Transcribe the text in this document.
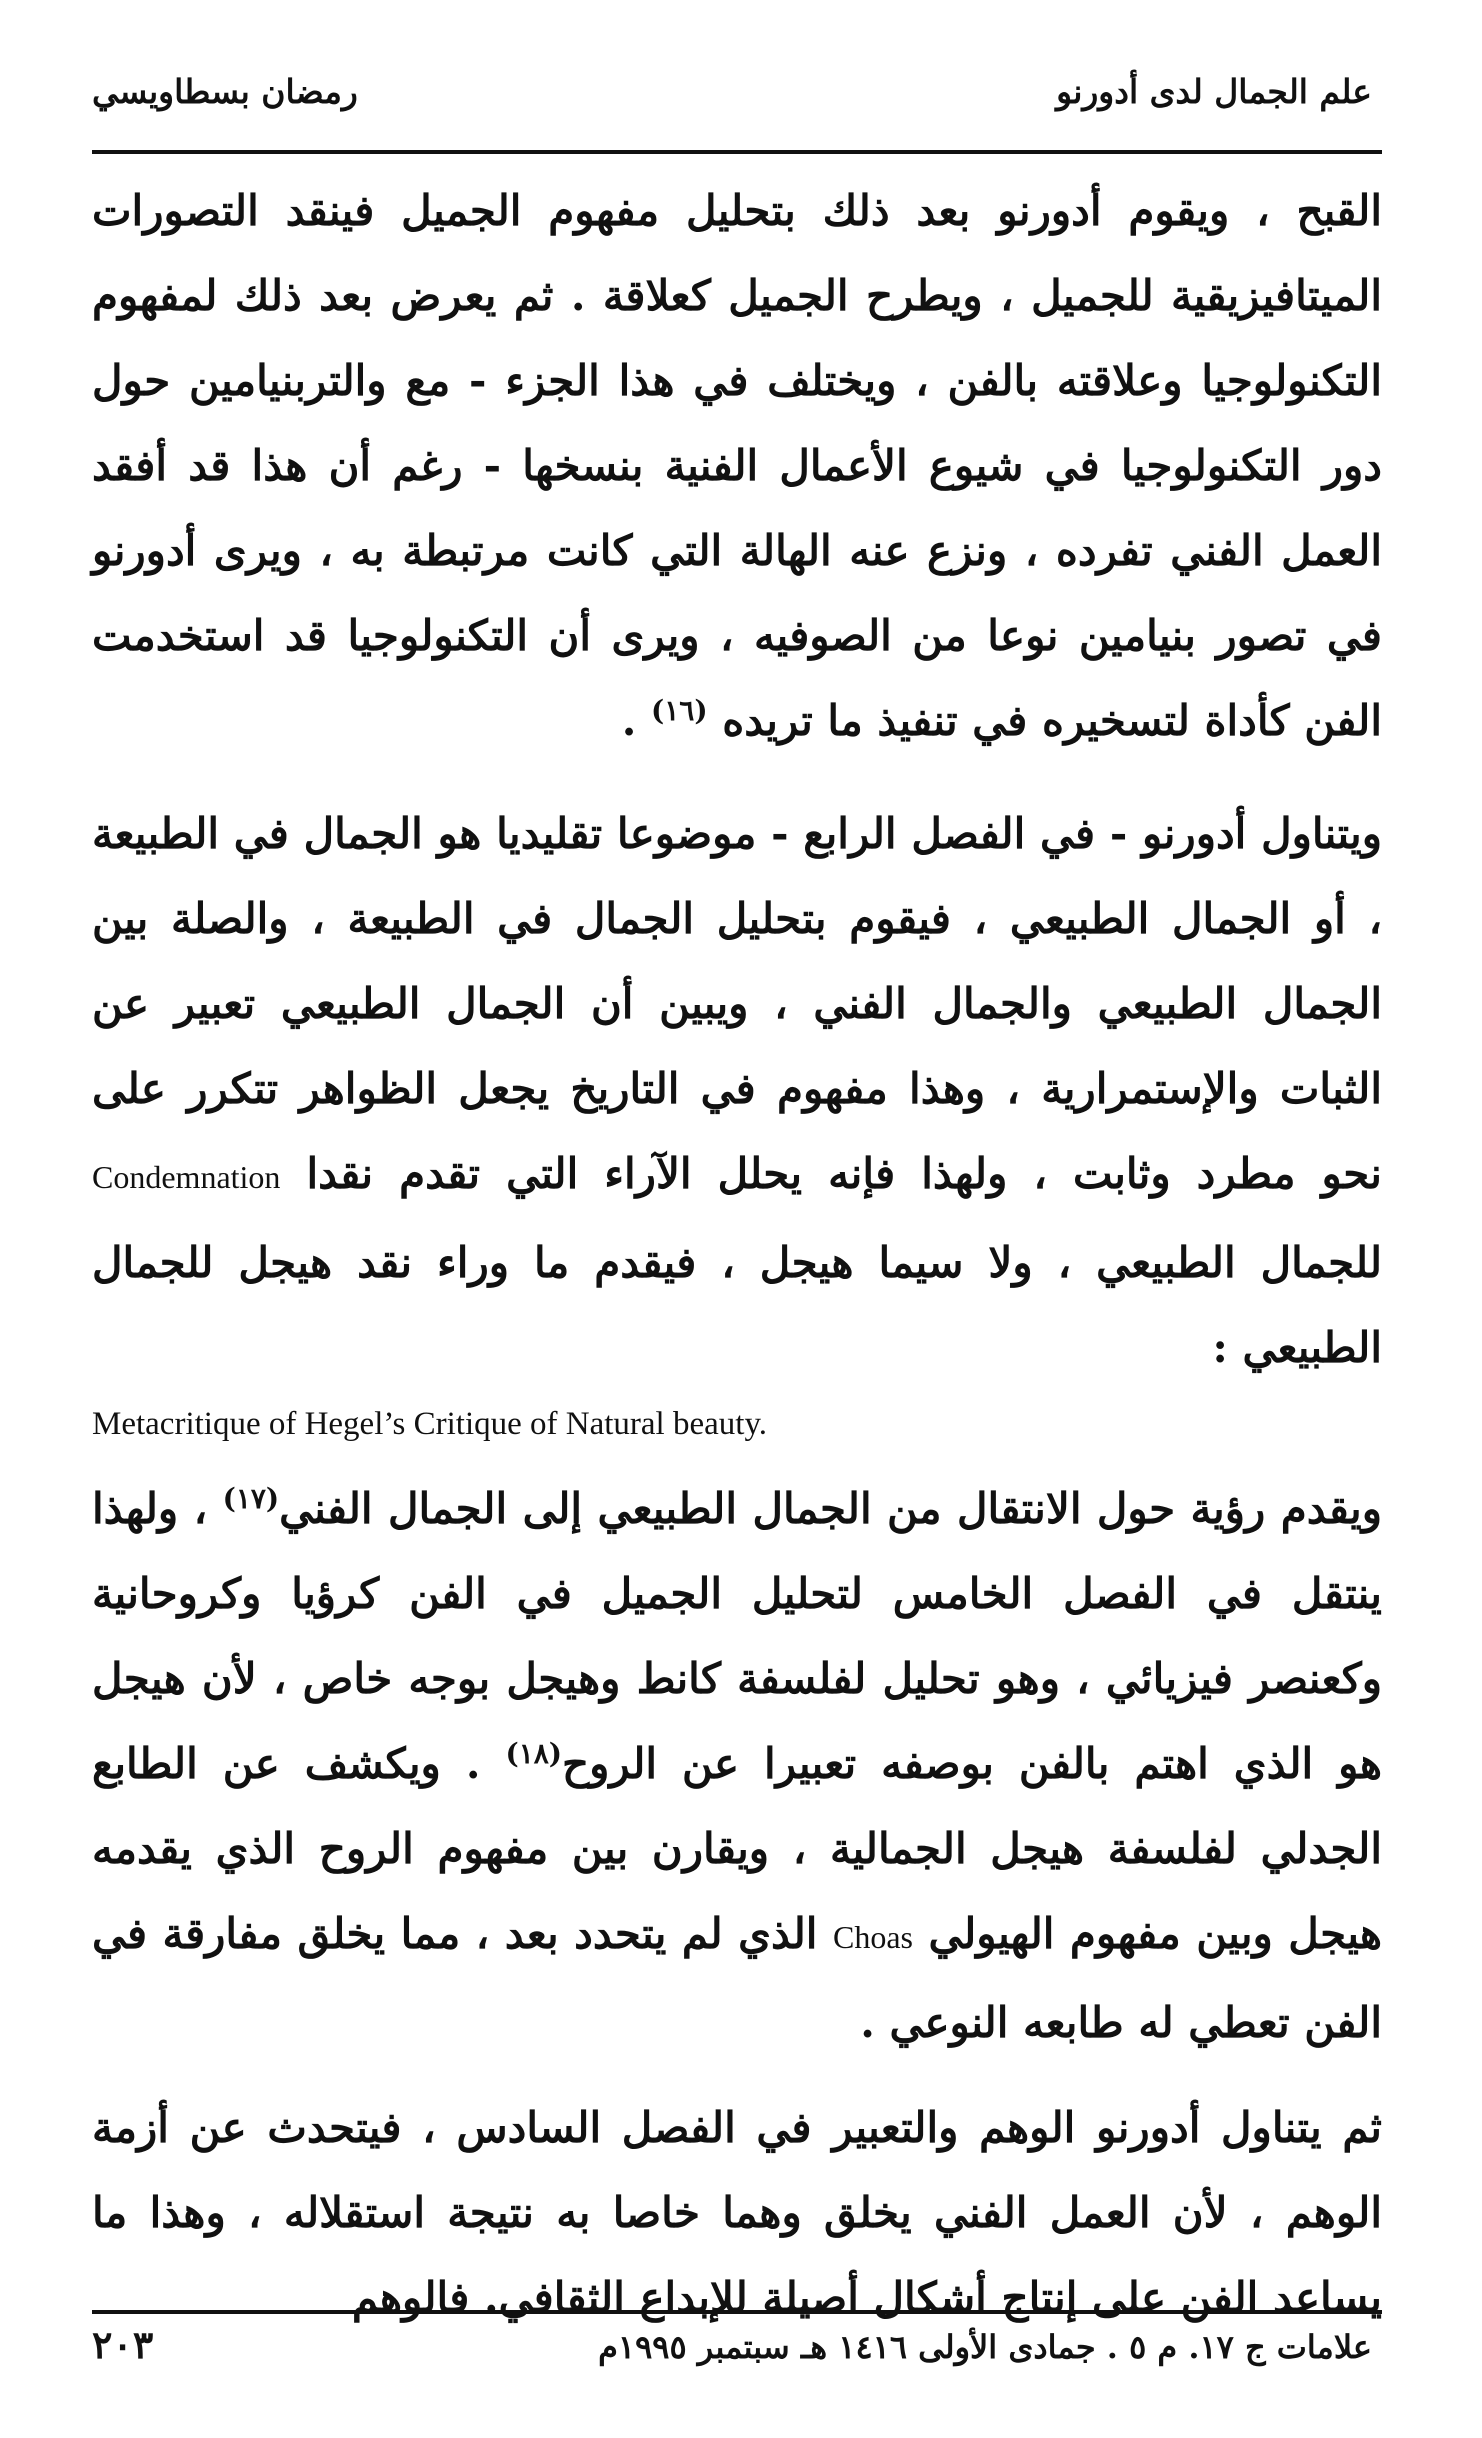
علم الجمال لدى أدورنو
رمضان بسطاويسي

القبح ، ويقوم أدورنو بعد ذلك بتحليل مفهوم الجميل فينقد التصورات الميتافيزيقية للجميل ، ويطرح الجميل كعلاقة . ثم يعرض بعد ذلك لمفهوم التكنولوجيا وعلاقته بالفن ، ويختلف في هذا الجزء - مع والتربنيامين حول دور التكنولوجيا في شيوع الأعمال الفنية بنسخها - رغم أن هذا قد أفقد العمل الفني تفرده ، ونزع عنه الهالة التي كانت مرتبطة به ، ويرى أدورنو في تصور بنيامين نوعا من الصوفيه ، ويرى أن التكنولوجيا قد استخدمت الفن كأداة لتسخيره في تنفيذ ما تريده $^{(١٦)}$ .

ويتناول أدورنو - في الفصل الرابع - موضوعا تقليديا هو الجمال في الطبيعة ، أو الجمال الطبيعي ، فيقوم بتحليل الجمال في الطبيعة ، والصلة بين الجمال الطبيعي والجمال الفني ، ويبين أن الجمال الطبيعي تعبير عن الثبات والإستمرارية ، وهذا مفهوم في التاريخ يجعل الظواهر تتكرر على نحو مطرد وثابت ، ولهذا فإنه يحلل الآراء التي تقدم نقدا Condemnation للجمال الطبيعي ، ولا سيما هيجل ، فيقدم ما وراء نقد هيجل للجمال الطبيعي :

Metacritique of Hegel’s Critique of Natural beauty.

ويقدم رؤية حول الانتقال من الجمال الطبيعي إلى الجمال الفني$^{(١٧)}$ ، ولهذا ينتقل في الفصل الخامس لتحليل الجميل في الفن كرؤيا وكروحانية وكعنصر فيزيائي ، وهو تحليل لفلسفة كانط وهيجل بوجه خاص ، لأن هيجل هو الذي اهتم بالفن بوصفه تعبيرا عن الروح$^{(١٨)}$ . ويكشف عن الطابع الجدلي لفلسفة هيجل الجمالية ، ويقارن بين مفهوم الروح الذي يقدمه هيجل وبين مفهوم الهيولي Choas الذي لم يتحدد بعد ، مما يخلق مفارقة في الفن تعطي له طابعه النوعي .

ثم يتناول أدورنو الوهم والتعبير في الفصل السادس ، فيتحدث عن أزمة الوهم ، لأن العمل الفني يخلق وهما خاصا به نتيجة استقلاله ، وهذا ما يساعد الفن على إنتاج أشكال أصيلة للإبداع الثقافي. فالوهم

علامات ج ١٧. م ٥ . جمادى الأولى ١٤١٦ هـ سبتمبر ١٩٩٥م
٢٠٣
